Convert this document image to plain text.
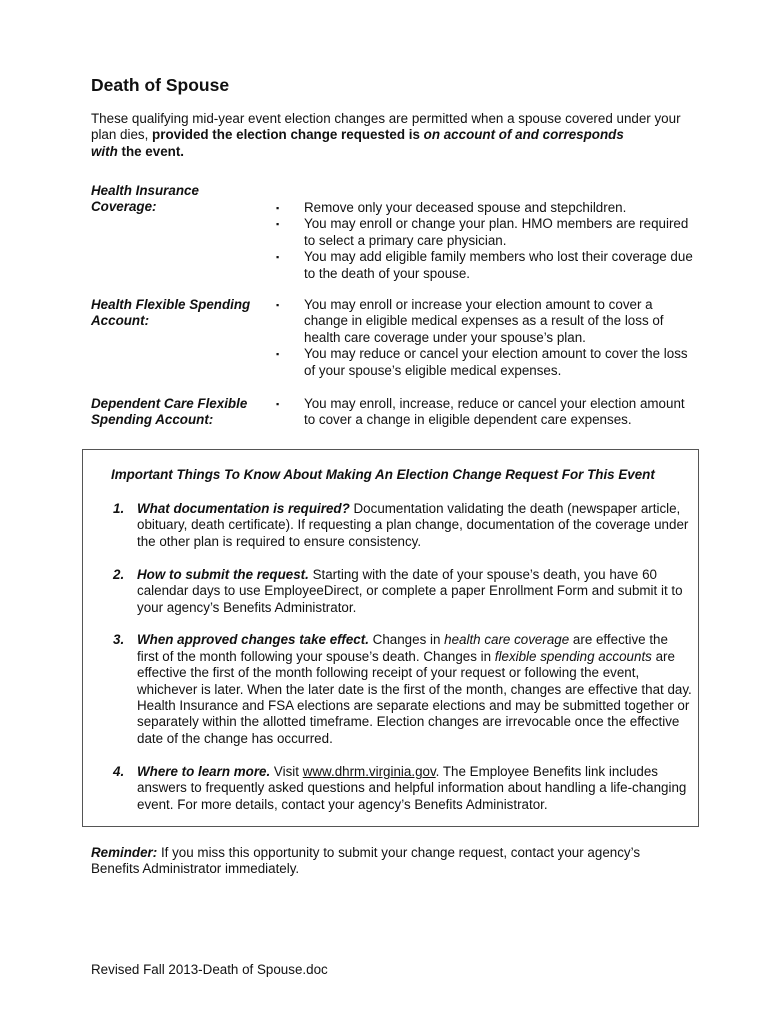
Death of Spouse

These qualifying mid-year event election changes are permitted when a spouse covered under your plan dies, provided the election change requested is on account of and corresponds
with the event.

Health Insurance Coverage:	▪ Remove only your deceased spouse and stepchildren.
▪ You may enroll or change your plan. HMO members are required to select a primary care physician.
▪ You may add eligible family members who lost their coverage due to the death of your spouse.
Health Flexible Spending Account:
▪ You may enroll or increase your election amount to cover a change in eligible medical expenses as a result of the loss of health care coverage under your spouse’s plan.
▪ You may reduce or cancel your election amount to cover the loss of your spouse’s eligible medical expenses.
Dependent Care Flexible Spending Account:
▪ You may enroll, increase, reduce or cancel your election amount to cover a change in eligible dependent care expenses.

Important Things To Know About Making An Election Change Request For This Event

1. What documentation is required? Documentation validating the death (newspaper article, obituary, death certificate). If requesting a plan change, documentation of the coverage under the other plan is required to ensure consistency.
2. How to submit the request. Starting with the date of your spouse’s death, you have 60 calendar days to use EmployeeDirect, or complete a paper Enrollment Form and submit it to your agency’s Benefits Administrator.
3. When approved changes take effect. Changes in health care coverage are effective the first of the month following your spouse’s death. Changes in flexible spending accounts are effective the first of the month following receipt of your request or following the event, whichever is later. When the later date is the first of the month, changes are effective that day. Health Insurance and FSA elections are separate elections and may be submitted together or separately within the allotted timeframe. Election changes are irrevocable once the effective date of the change has occurred.
4. Where to learn more. Visit www.dhrm.virginia.gov. The Employee Benefits link includes answers to frequently asked questions and helpful information about handling a life-changing event. For more details, contact your agency’s Benefits Administrator.

Reminder: If you miss this opportunity to submit your change request, contact your agency’s Benefits Administrator immediately.

Revised Fall 2013-Death of Spouse.doc
